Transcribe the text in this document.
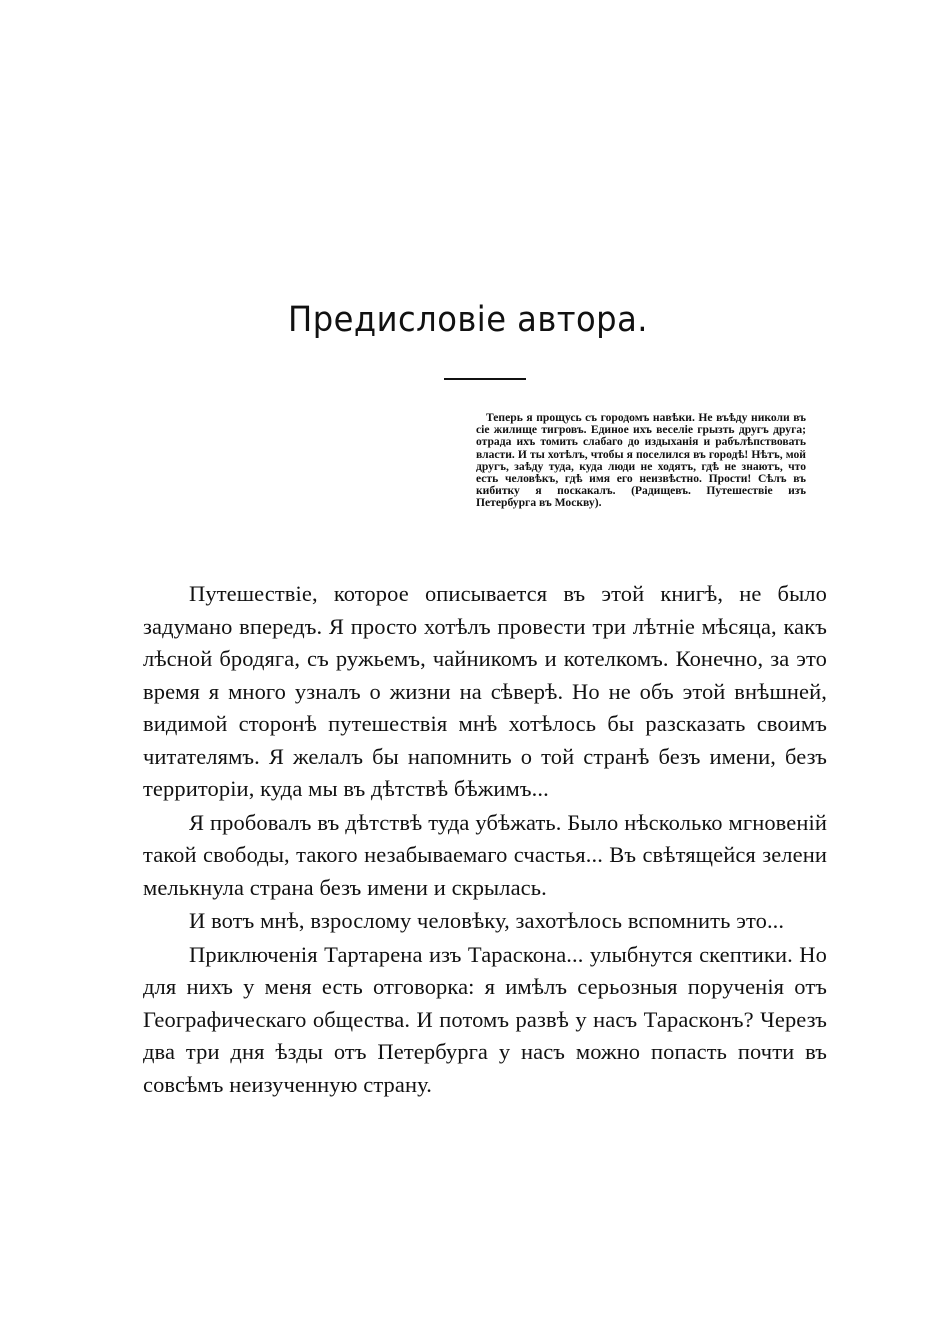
Предисловіе автора.

Теперь я прощусь съ городомъ навѣки. Не въѣду николи въ сіе жилище тигровъ. Единое ихъ веселіе грызть другъ друга; отрада ихъ томить слабаго до издыханія и рабълѣпствовать власти. И ты хотѣлъ, чтобы я поселился въ городѣ! Нѣтъ, мой другъ, заѣду туда, куда люди не ходятъ, гдѣ не знаютъ, что есть человѣкъ, гдѣ имя его неизвѣстно. Прости! Сѣлъ въ кибитку я поскакалъ. (Радищевъ. Путешествіе изъ Петербурга въ Москву).

Путешествіе, которое описывается въ этой книгѣ, не было задумано впередъ. Я просто хотѣлъ провести три лѣтніе мѣсяца, какъ лѣсной бродяга, съ ружьемъ, чайникомъ и котелкомъ. Конечно, за это время я много узналъ о жизни на сѣверѣ. Но не объ этой внѣшней, видимой сторонѣ путешествія мнѣ хотѣлось бы разсказать своимъ читателямъ. Я желалъ бы напомнить о той странѣ безъ имени, безъ территоріи, куда мы въ дѣтствѣ бѣжимъ...

Я пробовалъ въ дѣтствѣ туда убѣжать. Было нѣсколько мгновеній такой свободы, такого незабываемаго счастья... Въ свѣтящейся зелени мелькнула страна безъ имени и скрылась.

И вотъ мнѣ, взрослому человѣку, захотѣлось вспомнить это...

Приключенія Тартарена изъ Тараскона... улыбнутся скептики. Но для нихъ у меня есть отговорка: я имѣлъ серьозныя порученія отъ Географическаго общества. И потомъ развѣ у насъ Тарасконъ? Черезъ два три дня ѣзды отъ Петербурга у насъ можно попасть почти въ совсѣмъ неизученную страну.
